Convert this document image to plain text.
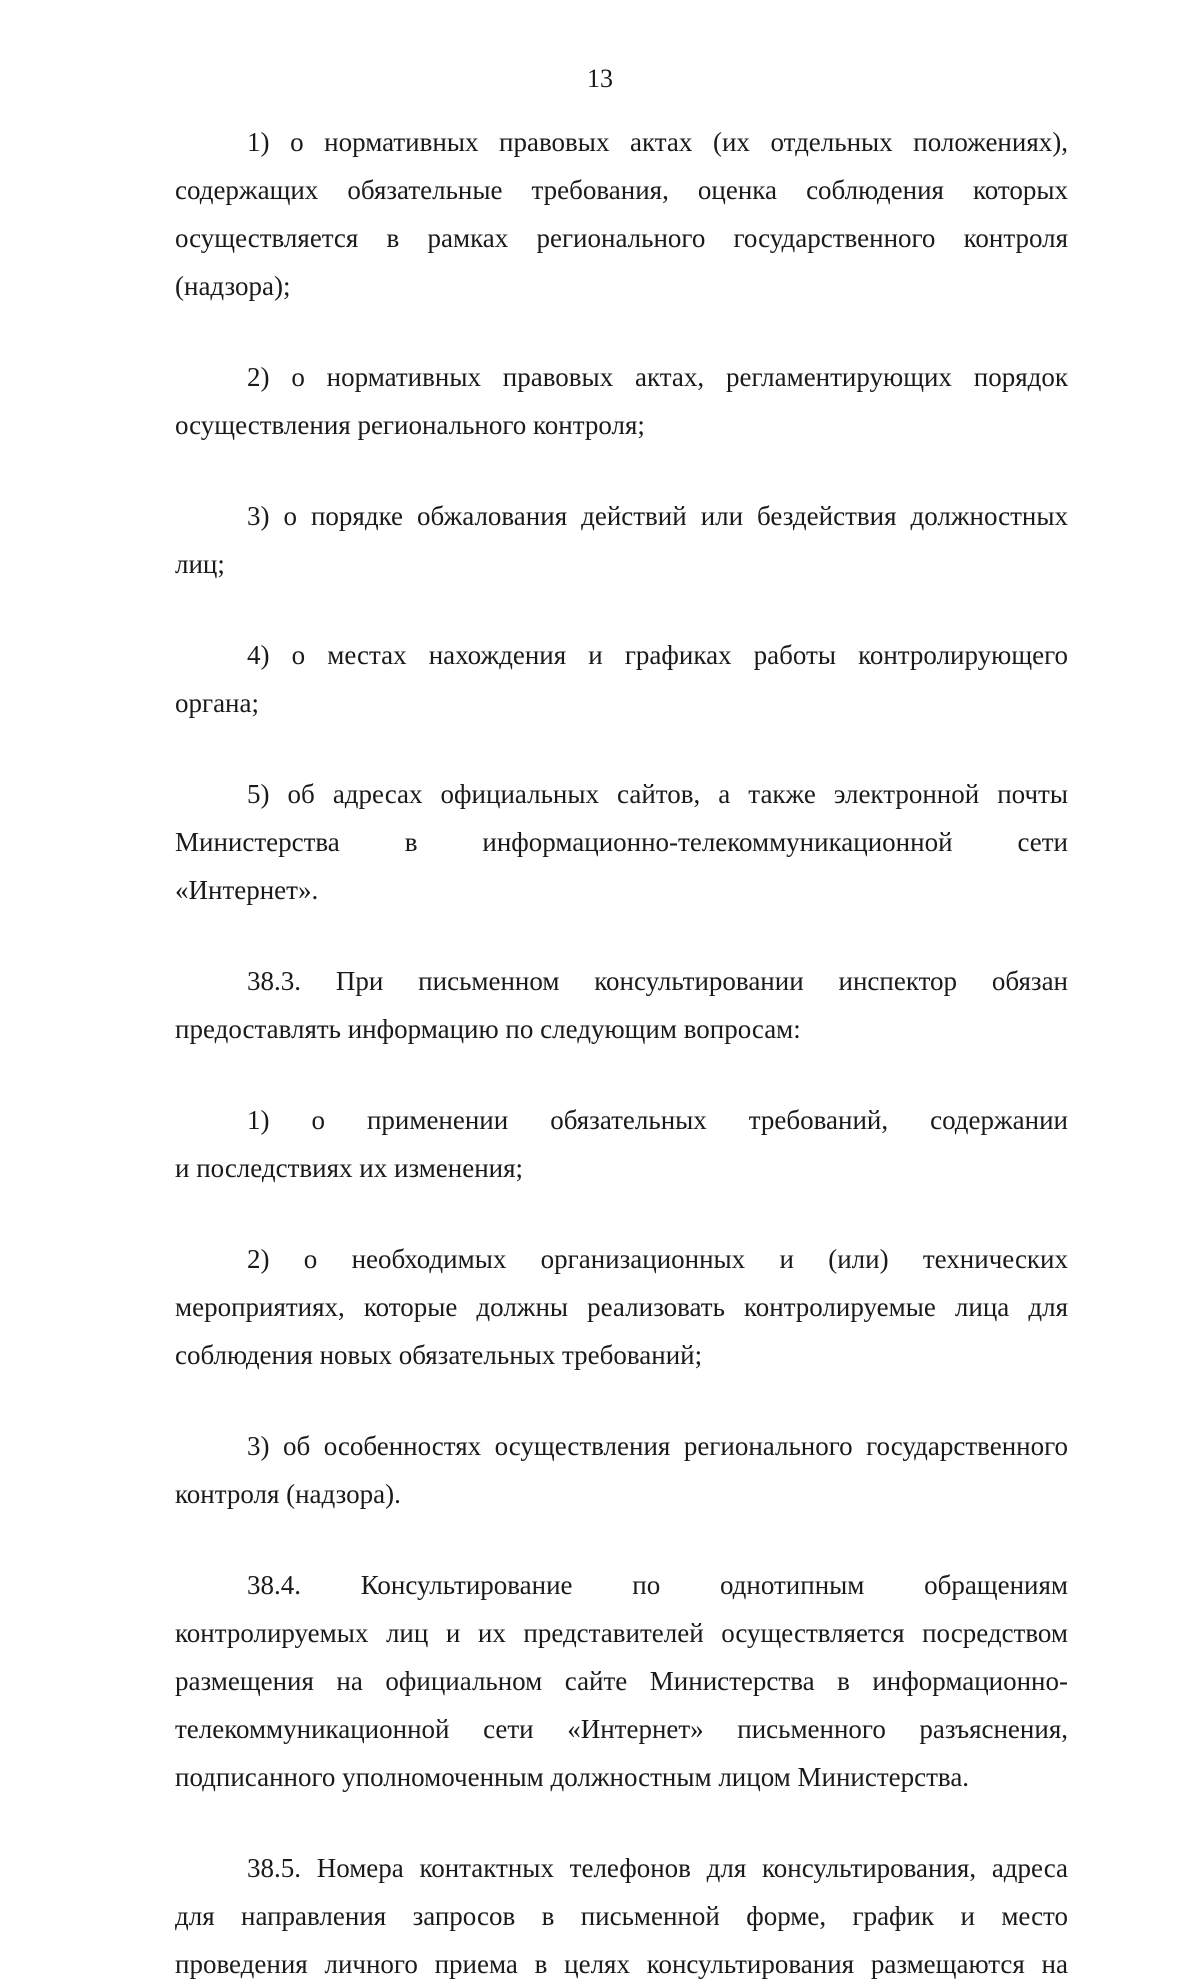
13
1) о нормативных правовых актах (их отдельных положениях),
содержащих обязательные требования, оценка соблюдения которых
осуществляется в рамках регионального государственного контроля
(надзора);
2) о нормативных правовых актах, регламентирующих порядок
осуществления регионального контроля;
3) о порядке обжалования действий или бездействия должностных
лиц;
4) о местах нахождения и графиках работы контролирующего
органа;
5) об адресах официальных сайтов, а также электронной почты
Министерства в информационно-телекоммуникационной сети
«Интернет».
38.3. При письменном консультировании инспектор обязан
предоставлять информацию по следующим вопросам:
1) о применении обязательных требований, содержании
и последствиях их изменения;
2) о необходимых организационных и (или) технических
мероприятиях, которые должны реализовать контролируемые лица для
соблюдения новых обязательных требований;
3) об особенностях осуществления регионального государственного
контроля (надзора).
38.4. Консультирование по однотипным обращениям
контролируемых лиц и их представителей осуществляется посредством
размещения на официальном сайте Министерства в информационно-
телекоммуникационной сети «Интернет» письменного разъяснения,
подписанного уполномоченным должностным лицом Министерства.
38.5. Номера контактных телефонов для консультирования, адреса
для направления запросов в письменной форме, график и место
проведения личного приема в целях консультирования размещаются на
